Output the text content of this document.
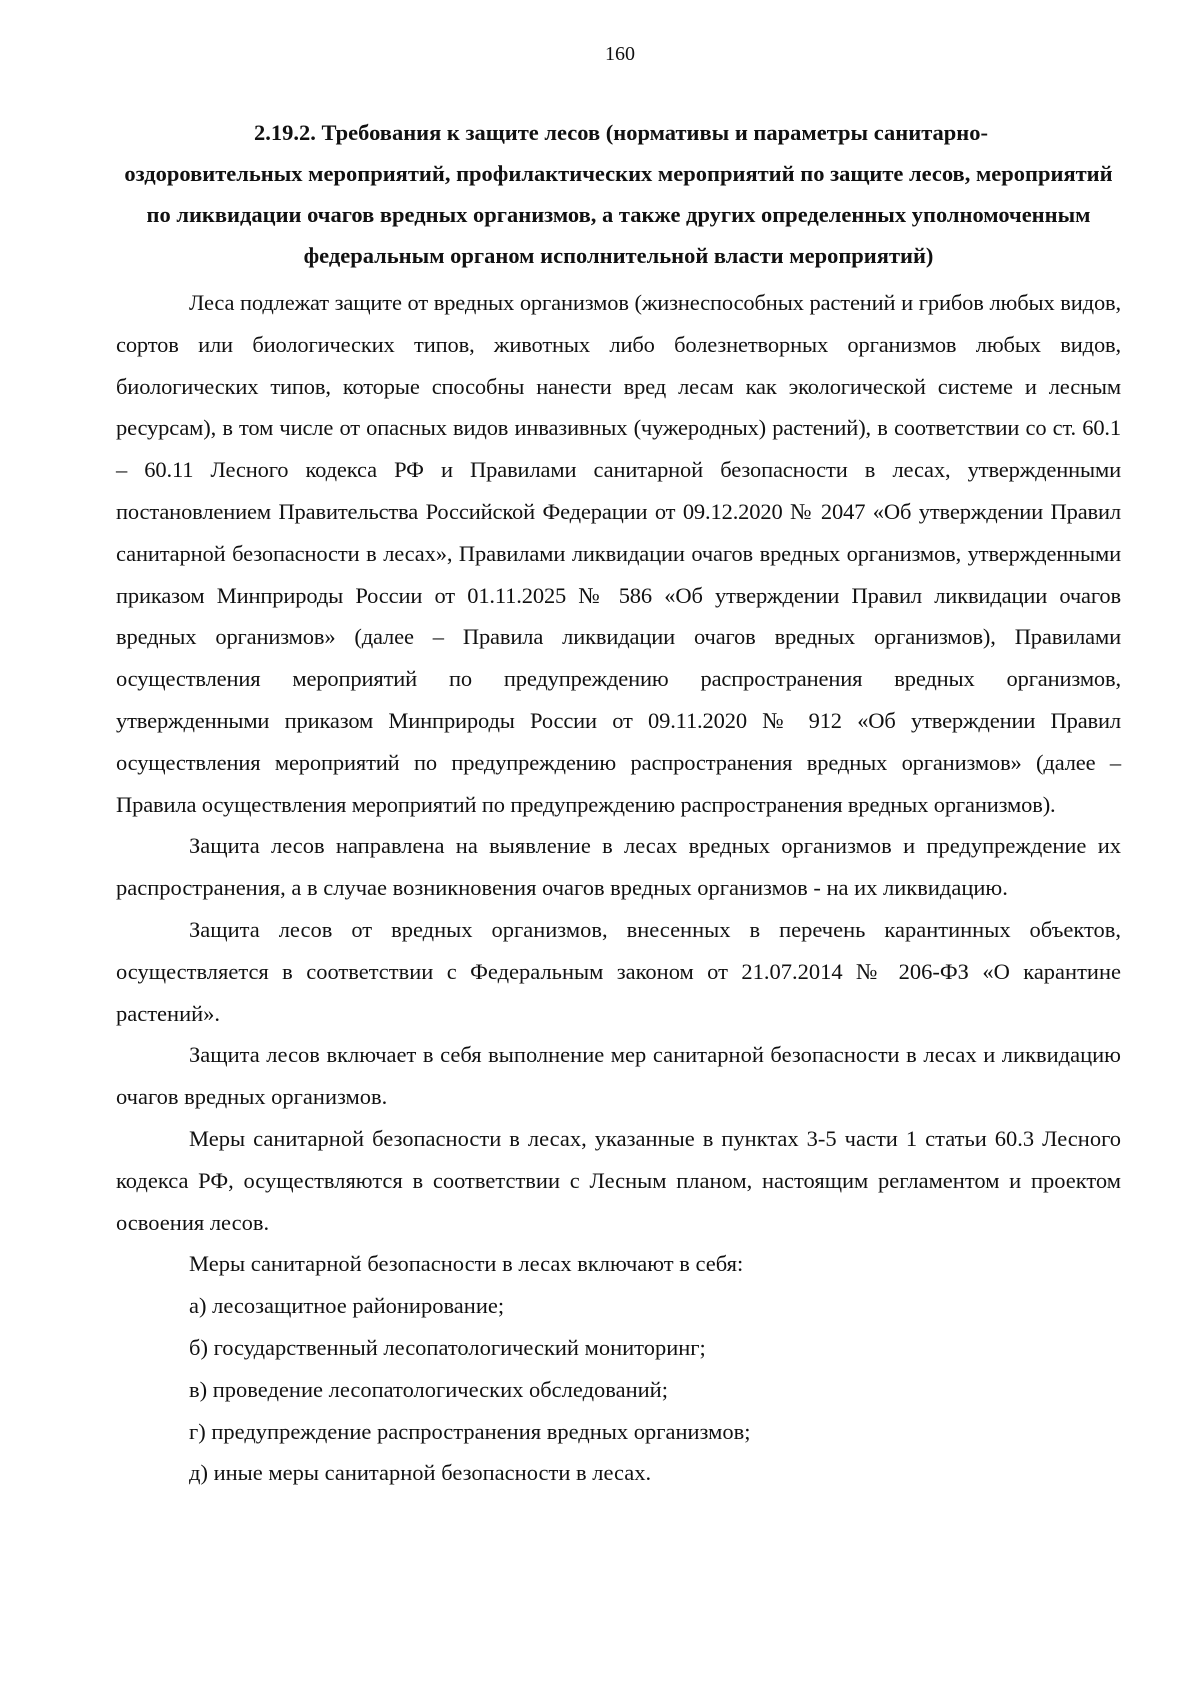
160
2.19.2. Требования к защите лесов (нормативы и параметры санитарно-
оздоровительных мероприятий, профилактических мероприятий по защите лесов, мероприятий по ликвидации очагов вредных организмов, а также других определенных уполномоченным федеральным органом исполнительной власти мероприятий)

Леса подлежат защите от вредных организмов (жизнеспособных растений и грибов любых видов, сортов или биологических типов, животных либо болезнетворных организмов любых видов, биологических типов, которые способны нанести вред лесам как экологической системе и лесным ресурсам), в том числе от опасных видов инвазивных (чужеродных) растений), в соответствии со ст. 60.1 – 60.11 Лесного кодекса РФ и Правилами санитарной безопасности в лесах, утвержденными постановлением Правительства Российской Федерации от 09.12.2020 № 2047 «Об утверждении Правил санитарной безопасности в лесах», Правилами ликвидации очагов вредных организмов, утвержденными приказом Минприроды России от 01.11.2025 № 586 «Об утверждении Правил ликвидации очагов вредных организмов» (далее – Правила ликвидации очагов вредных организмов), Правилами осуществления мероприятий по предупреждению распространения вредных организмов, утвержденными приказом Минприроды России от 09.11.2020 № 912 «Об утверждении Правил осуществления мероприятий по предупреждению распространения вредных организмов» (далее – Правила осуществления мероприятий по предупреждению распространения вредных организмов).

Защита лесов направлена на выявление в лесах вредных организмов и предупреждение их распространения, а в случае возникновения очагов вредных организмов - на их ликвидацию.

Защита лесов от вредных организмов, внесенных в перечень карантинных объектов, осуществляется в соответствии с Федеральным законом от 21.07.2014 № 206-ФЗ «О карантине растений».

Защита лесов включает в себя выполнение мер санитарной безопасности в лесах и ликвидацию очагов вредных организмов.

Меры санитарной безопасности в лесах, указанные в пунктах 3-5 части 1 статьи 60.3 Лесного кодекса РФ, осуществляются в соответствии с Лесным планом, настоящим регламентом и проектом освоения лесов.

Меры санитарной безопасности в лесах включают в себя:

а) лесозащитное районирование;

б) государственный лесопатологический мониторинг;

в) проведение лесопатологических обследований;

г) предупреждение распространения вредных организмов;

д) иные меры санитарной безопасности в лесах.
